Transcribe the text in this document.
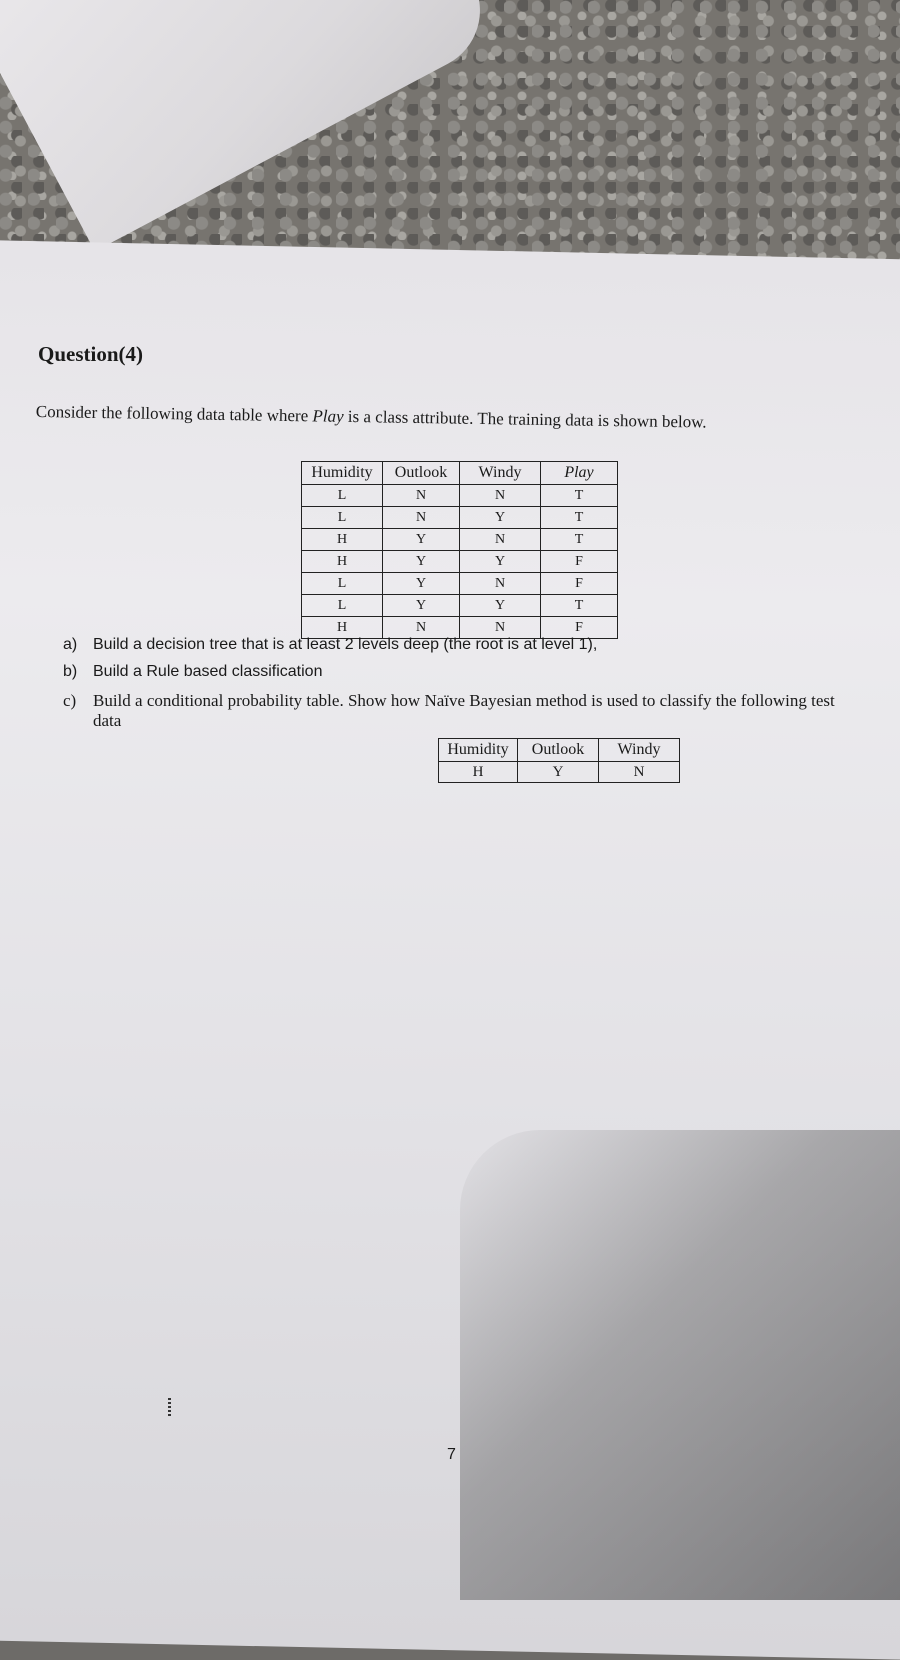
Question(4)
Consider the following data table where Play is a class attribute. The training data is shown below.
Humidity	Outlook	Windy	Play
L	N	N	T
L	N	Y	T
H	Y	N	T
H	Y	Y	F
L	Y	N	F
L	Y	Y	T
H	N	N	F
a) Build a decision tree that is at least 2 levels deep (the root is at level 1),
b) Build a Rule based classification
c) Build a conditional probability table. Show how Naïve Bayesian method is used to classify the following test data
Humidity	Outlook	Windy
H	Y	N
7
